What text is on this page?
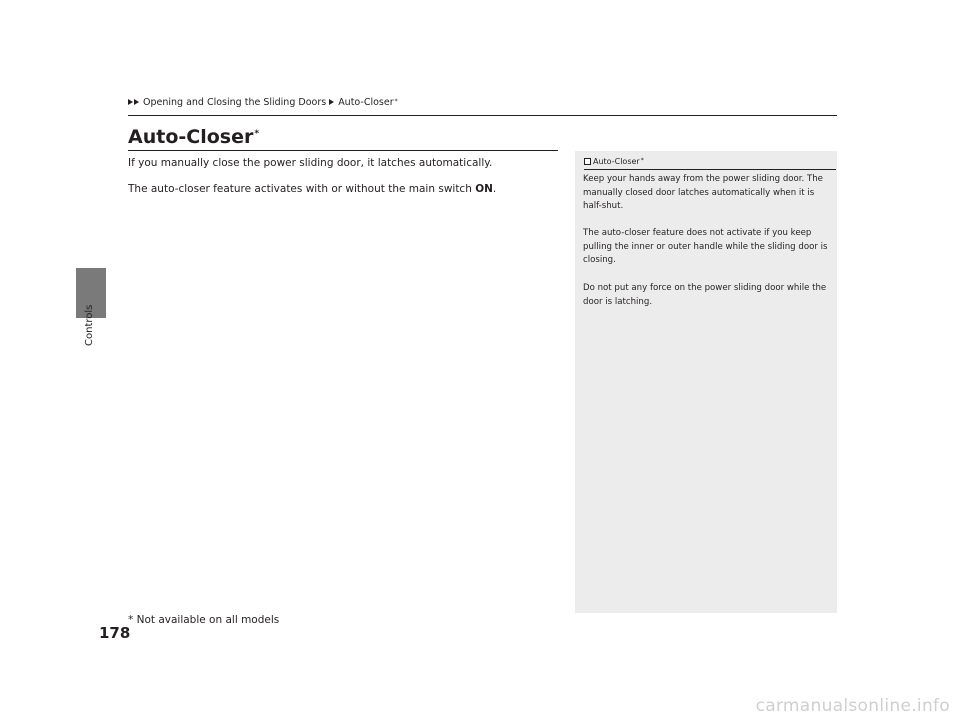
Controls
Opening and Closing the Sliding Doors Auto-Closer *
Auto-Closer*
If you manually close the power sliding door, it latches automatically.
The auto-closer feature activates with or without the main switch ON.
Auto-Closer *
Keep your hands away from the power sliding door. The manually closed door latches automatically when it is half-shut.
The auto-closer feature does not activate if you keep pulling the inner or outer handle while the sliding door is closing.
Do not put any force on the power sliding door while the door is latching.
178
* Not available on all models
carmanualsonline.info
